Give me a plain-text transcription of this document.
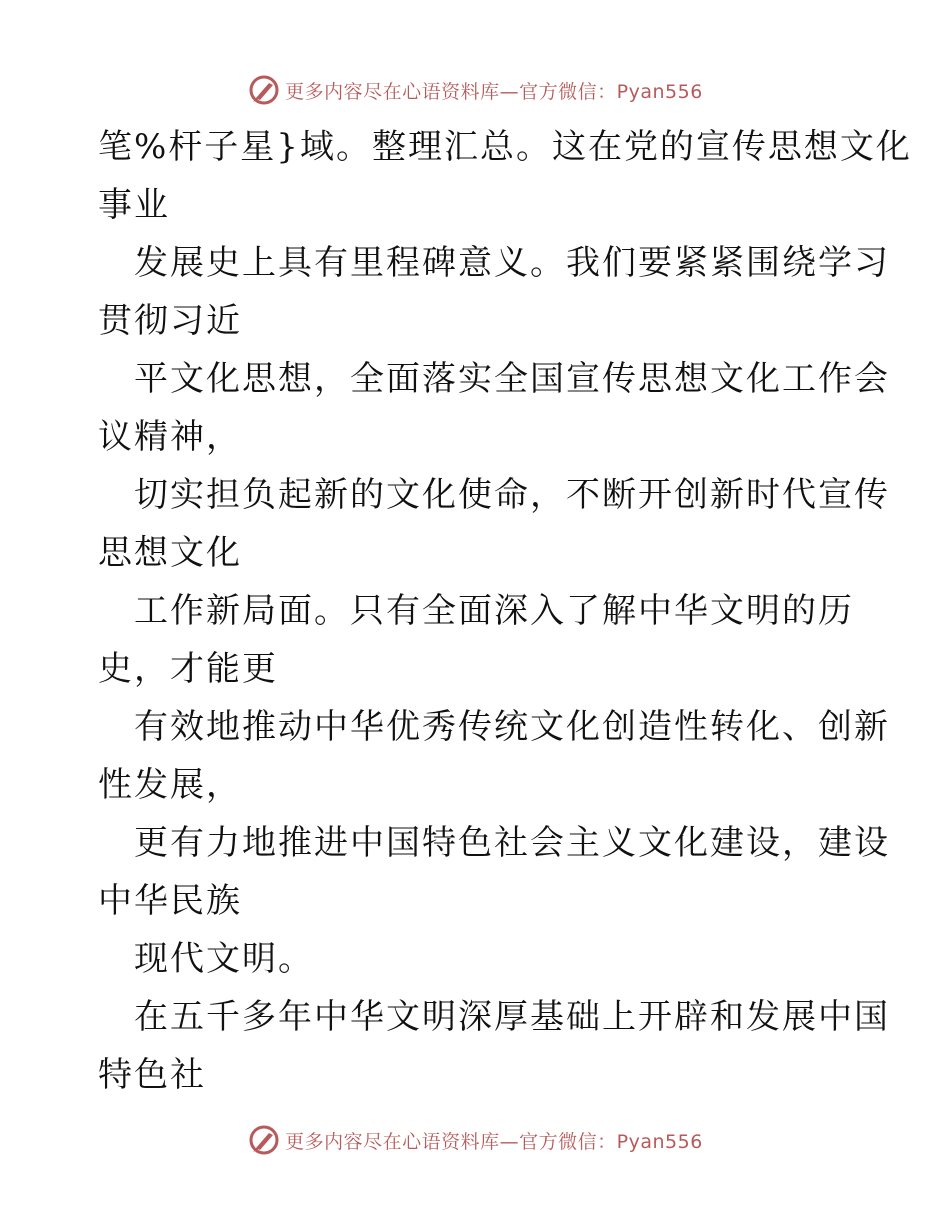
更多内容尽在心语资料库—官方微信：Pyan556
笔%杆子星}域。整理汇总。这在党的宣传思想文化
事业
发展史上具有里程碑意义。我们要紧紧围绕学习
贯彻习近
平文化思想，全面落实全国宣传思想文化工作会
议精神，
切实担负起新的文化使命，不断开创新时代宣传
思想文化
工作新局面。只有全面深入了解中华文明的历
史，才能更
有效地推动中华优秀传统文化创造性转化、创新
性发展，
更有力地推进中国特色社会主义文化建设，建设
中华民族
现代文明。
在五千多年中华文明深厚基础上开辟和发展中国
特色社
更多内容尽在心语资料库—官方微信：Pyan556
